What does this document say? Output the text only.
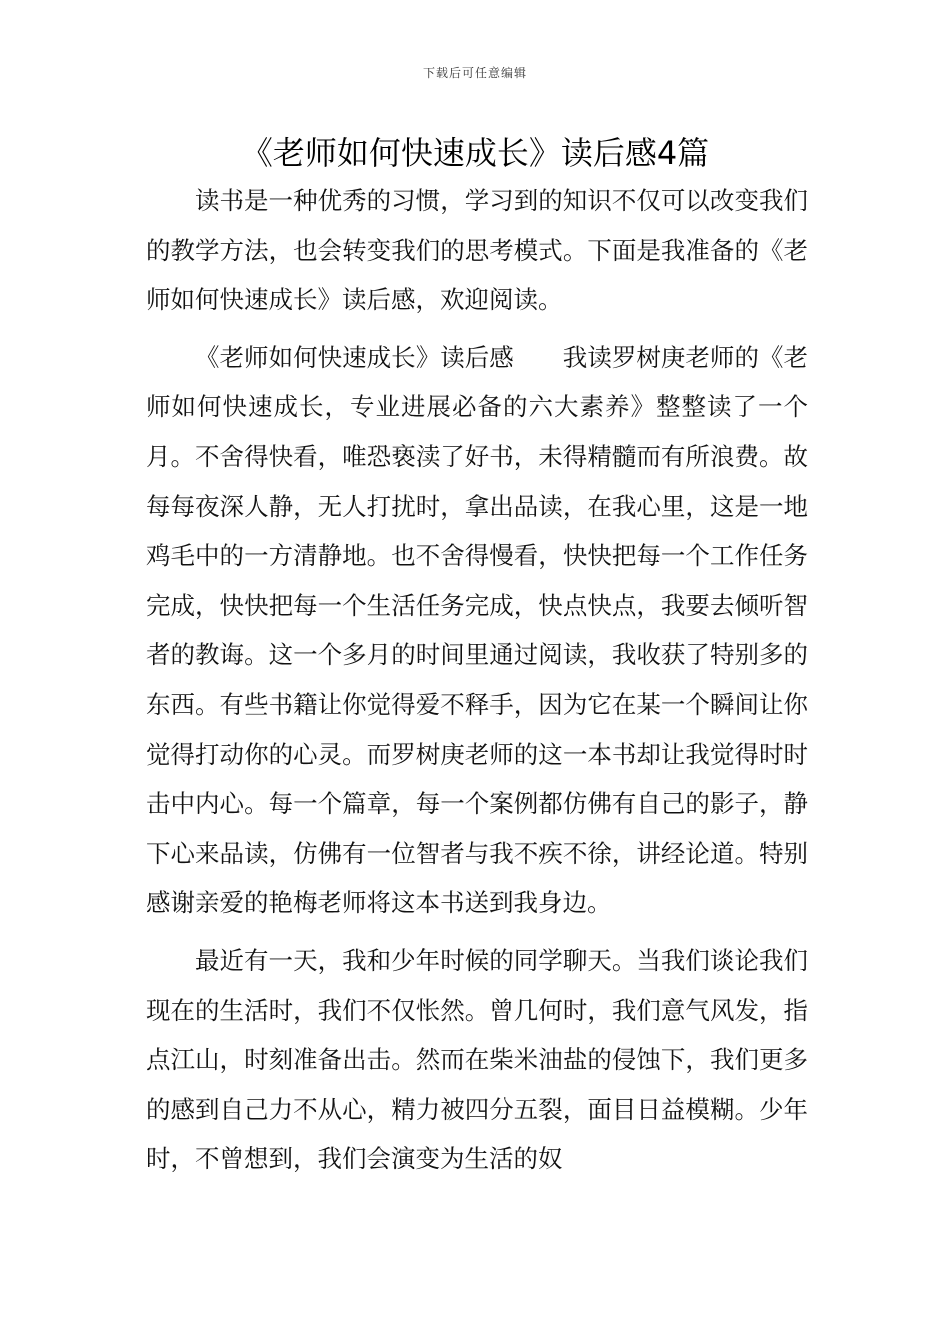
下载后可任意编辑
《老师如何快速成长》读后感4篇

读书是一种优秀的习惯，学习到的知识不仅可以改变我们的教学方法，也会转变我们的思考模式。下面是我准备的《老师如何快速成长》读后感，欢迎阅读。

《老师如何快速成长》读后感 我读罗树庚老师的《老师如何快速成长，专业进展必备的六大素养》整整读了一个月。不舍得快看，唯恐亵渎了好书，未得精髓而有所浪费。故每每夜深人静，无人打扰时，拿出品读，在我心里，这是一地鸡毛中的一方清静地。也不舍得慢看，快快把每一个工作任务完成，快快把每一个生活任务完成，快点快点，我要去倾听智者的教诲。这一个多月的时间里通过阅读，我收获了特别多的东西。有些书籍让你觉得爱不释手，因为它在某一个瞬间让你觉得打动你的心灵。而罗树庚老师的这一本书却让我觉得时时击中内心。每一个篇章，每一个案例都仿佛有自己的影子，静下心来品读，仿佛有一位智者与我不疾不徐，讲经论道。特别感谢亲爱的艳梅老师将这本书送到我身边。

最近有一天，我和少年时候的同学聊天。当我们谈论我们现在的生活时，我们不仅怅然。曾几何时，我们意气风发，指点江山，时刻准备出击。然而在柴米油盐的侵蚀下，我们更多的感到自己力不从心，精力被四分五裂，面目日益模糊。少年时，不曾想到，我们会演变为生活的奴
